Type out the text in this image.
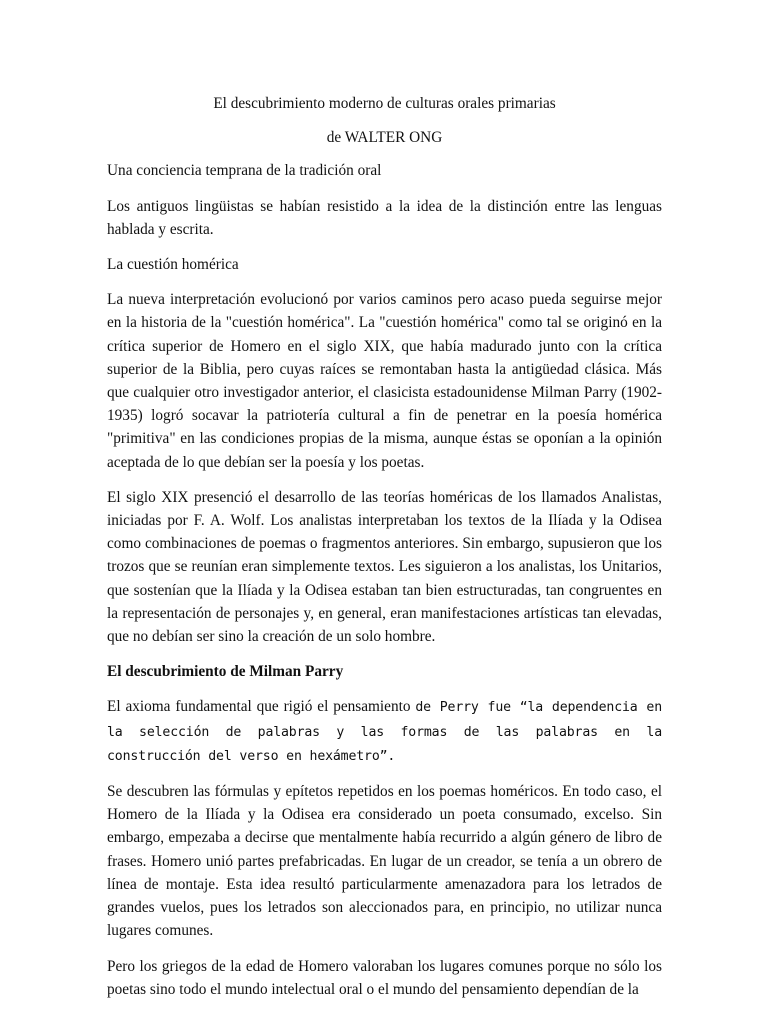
El descubrimiento moderno de culturas orales primarias

de WALTER ONG

Una conciencia temprana de la tradición oral

Los antiguos lingüistas se habían resistido a la idea de la distinción entre las lenguas hablada y escrita.

La cuestión homérica

La nueva interpretación evolucionó por varios caminos pero acaso pueda seguirse mejor en la historia de la "cuestión homérica". La "cuestión homérica" como tal se originó en la crítica superior de Homero en el siglo XIX, que había madurado junto con la crítica superior de la Biblia, pero cuyas raíces se remontaban hasta la antigüedad clásica. Más que cualquier otro investigador anterior, el clasicista estadounidense Milman Parry (1902-1935) logró socavar la patriotería cultural a fin de penetrar en la poesía homérica "primitiva" en las condiciones propias de la misma, aunque éstas se oponían a la opinión aceptada de lo que debían ser la poesía y los poetas.

El siglo XIX presenció el desarrollo de las teorías homéricas de los llamados Analistas, iniciadas por F. A. Wolf. Los analistas interpretaban los textos de la Ilíada y la Odisea como combinaciones de poemas o fragmentos anteriores. Sin embargo, supusieron que los trozos que se reunían eran simplemente textos. Les siguieron a los analistas, los Unitarios, que sostenían que la Ilíada y la Odisea estaban tan bien estructuradas, tan congruentes en la representación de personajes y, en general, eran manifestaciones artísticas tan elevadas, que no debían ser sino la creación de un solo hombre.

El descubrimiento de Milman Parry

El axioma fundamental que rigió el pensamiento de Perry fue “la dependencia en la selección de palabras y las formas de las palabras en la construcción del verso en hexámetro”.

Se descubren las fórmulas y epítetos repetidos en los poemas homéricos. En todo caso, el Homero de la Ilíada y la Odisea era considerado un poeta consumado, excelso. Sin embargo, empezaba a decirse que mentalmente había recurrido a algún género de libro de frases. Homero unió partes prefabricadas. En lugar de un creador, se tenía a un obrero de línea de montaje. Esta idea resultó particularmente amenazadora para los letrados de grandes vuelos, pues los letrados son aleccionados para, en principio, no utilizar nunca lugares comunes.

Pero los griegos de la edad de Homero valoraban los lugares comunes porque no sólo los poetas sino todo el mundo intelectual oral o el mundo del pensamiento dependían de la
